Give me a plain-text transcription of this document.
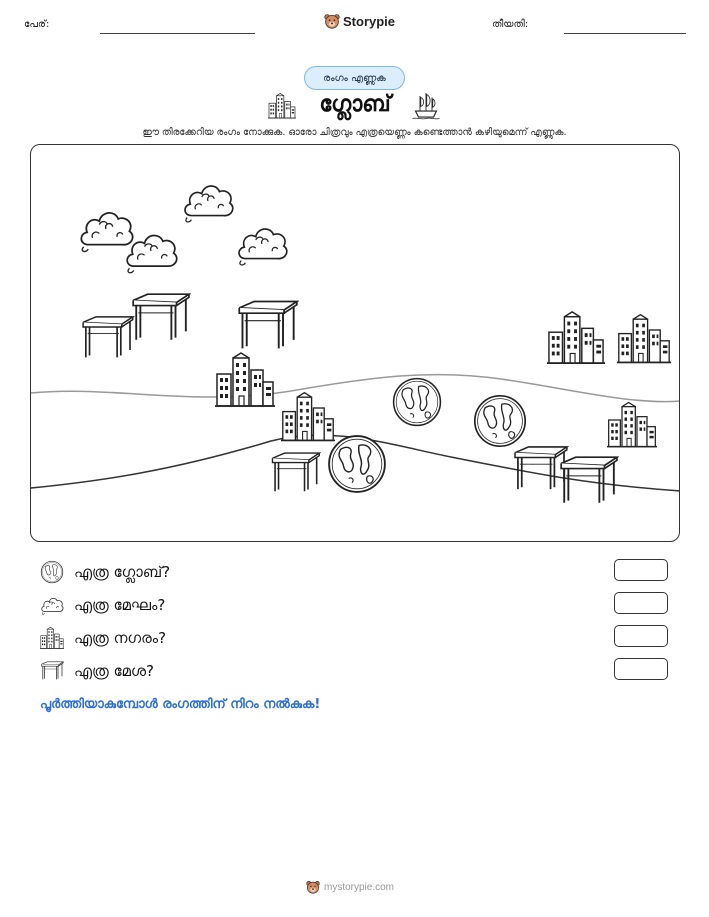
പേര്:	Storypie	തീയതി:
രംഗം എണ്ണുക
ഗ്ലോബ്
ഈ തിരക്കേറിയ രംഗം നോക്കുക. ഓരോ ചിത്രവും എത്രയെണ്ണം കണ്ടെത്താൻ കഴിയുമെന്ന് എണ്ണുക.
എത്ര ഗ്ലോബ്?
എത്ര മേഘം?
എത്ര നഗരം?
എത്ര മേശ?
പൂർത്തിയാകുമ്പോൾ രംഗത്തിന് നിറം നൽകുക!
mystorypie.com
